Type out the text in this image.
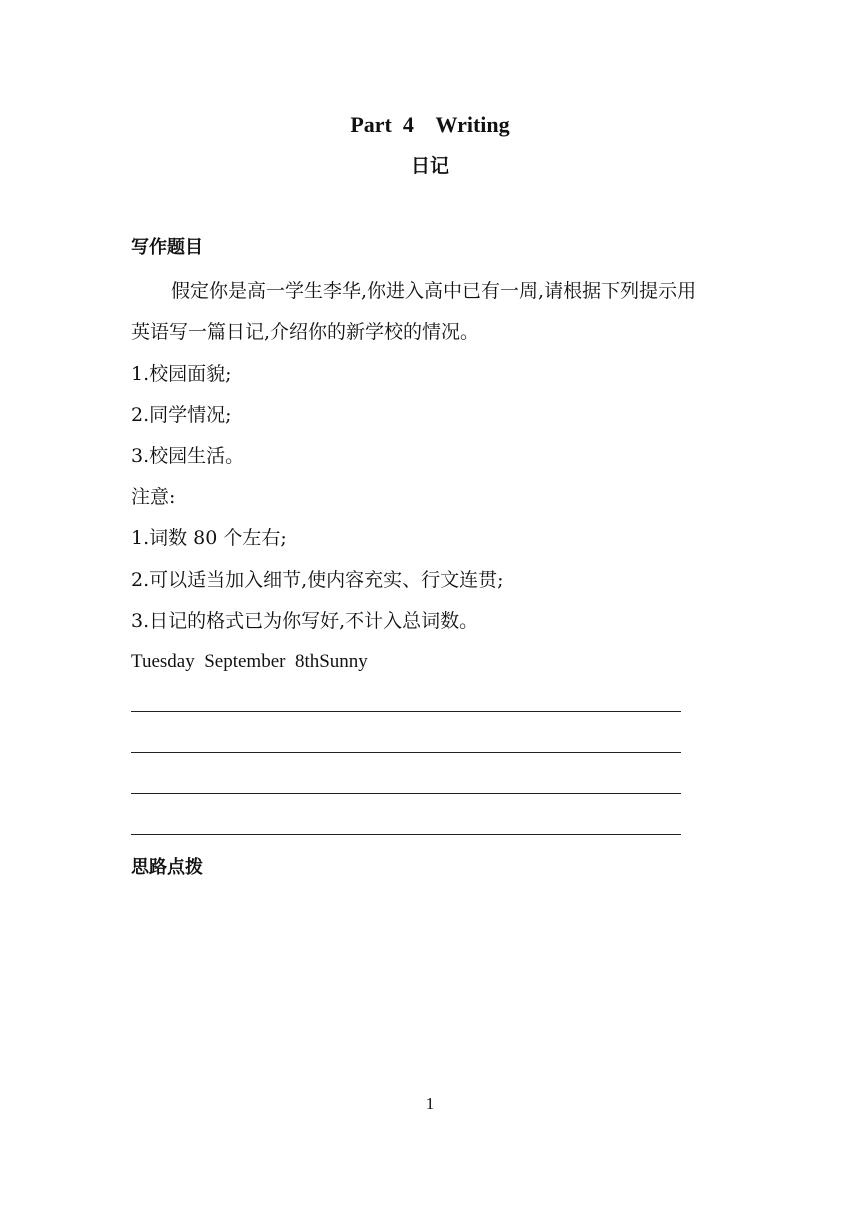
Part  4    Writing
日记
写作题目
假定你是高一学生李华,你进入高中已有一周,请根据下列提示用
英语写一篇日记,介绍你的新学校的情况。
1.校园面貌;
2.同学情况;
3.校园生活。
注意:
1.词数 80 个左右;
2.可以适当加入细节,使内容充实、行文连贯;
3.日记的格式已为你写好,不计入总词数。
Tuesday  September  8thSunny
思路点拨
1
